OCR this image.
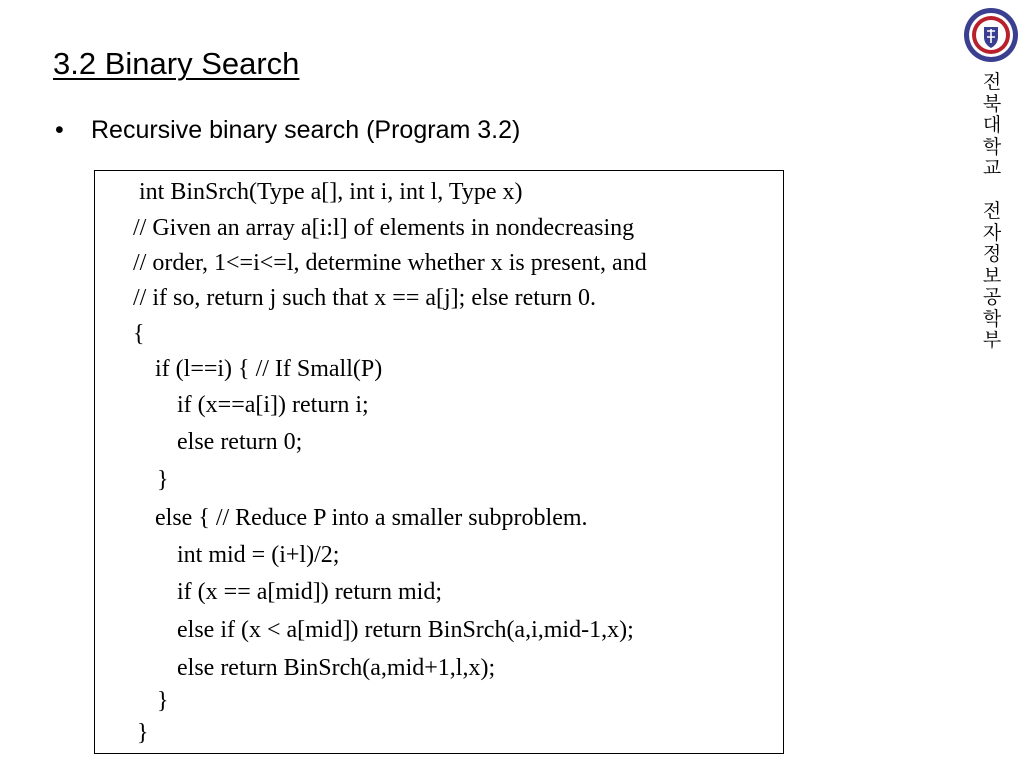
3.2 Binary Search
• Recursive binary search (Program 3.2)
int BinSrch(Type a[], int i, int l, Type x)
// Given an array a[i:l] of elements in nondecreasing
// order, 1<=i<=l, determine whether x is present, and
// if so, return j such that x == a[j]; else return 0.
{
if (l==i) { // If Small(P)
if (x==a[i]) return i;
else return 0;
}
else { // Reduce P into a smaller subproblem.
int mid = (i+l)/2;
if (x == a[mid]) return mid;
else if (x < a[mid]) return BinSrch(a,i,mid-1,x);
else return BinSrch(a,mid+1,l,x);
}
}
전
북
대
학
교

전
자
정
보
공
학
부
